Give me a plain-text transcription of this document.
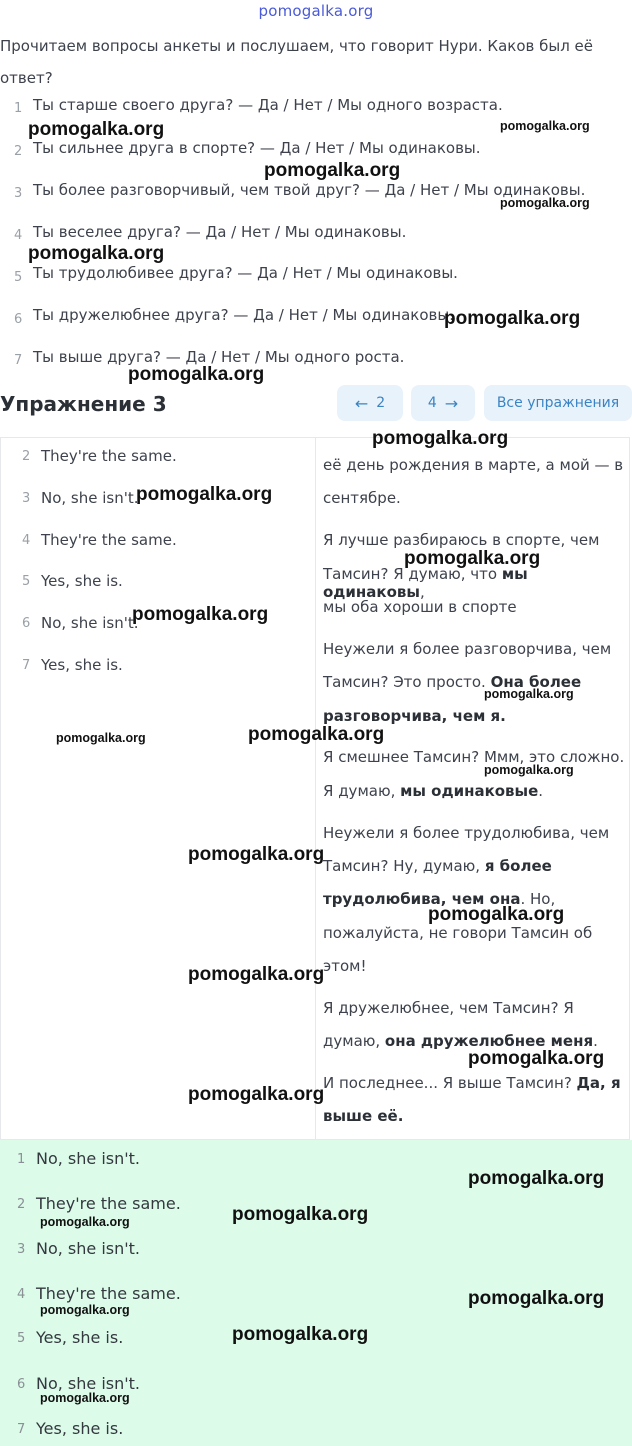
pomogalka.org
Прочитаем вопросы анкеты и послушаем, что говорит Нури. Каков был её
ответ?
1 Ты старше своего друга? — Да / Нет / Мы одного возраста.
2 Ты сильнее друга в спорте? — Да / Нет / Мы одинаковы.
3 Ты более разговорчивый, чем твой друг? — Да / Нет / Мы одинаковы.
4 Ты веселее друга? — Да / Нет / Мы одинаковы.
5 Ты трудолюбивее друга? — Да / Нет / Мы одинаковы.
6 Ты дружелюбнее друга? — Да / Нет / Мы одинаковы.
7 Ты выше друга? — Да / Нет / Мы одного роста.
Упражнение 3	← 2	4 →	Все упражнения
2 They're the same.
3 No, she isn't.
4 They're the same.
5 Yes, she is.
6 No, she isn't.
7 Yes, she is.
её день рождения в марте, а мой — в
сентябре.
Я лучше разбираюсь в спорте, чем
Тамсин? Я думаю, что мы одинаковы,
мы оба хороши в спорте
Неужели я более разговорчива, чем
Тамсин? Это просто. Она более
разговорчива, чем я.
Я смешнее Тамсин? Ммм, это сложно.
Я думаю, мы одинаковые.
Неужели я более трудолюбива, чем
Тамсин? Ну, думаю, я более
трудолюбива, чем она. Но,
пожалуйста, не говори Тамсин об
этом!
Я дружелюбнее, чем Тамсин? Я
думаю, она дружелюбнее меня.
И последнее... Я выше Тамсин? Да, я
выше её.
1 No, she isn't.
2 They're the same.
3 No, she isn't.
4 They're the same.
5 Yes, she is.
6 No, she isn't.
7 Yes, she is.
pomogalka.org	pomogalka.org
pomogalka.org
pomogalka.org
pomogalka.org
pomogalka.org
pomogalka.org
pomogalka.org
pomogalka.org
pomogalka.org
pomogalka.org
pomogalka.org
pomogalka.org
pomogalka.org
pomogalka.org
pomogalka.org
pomogalka.org
pomogalka.org
pomogalka.org
pomogalka.org
pomogalka.org
pomogalka.org
pomogalka.org
pomogalka.org
pomogalka.org
pomogalka.org
pomogalka.org
